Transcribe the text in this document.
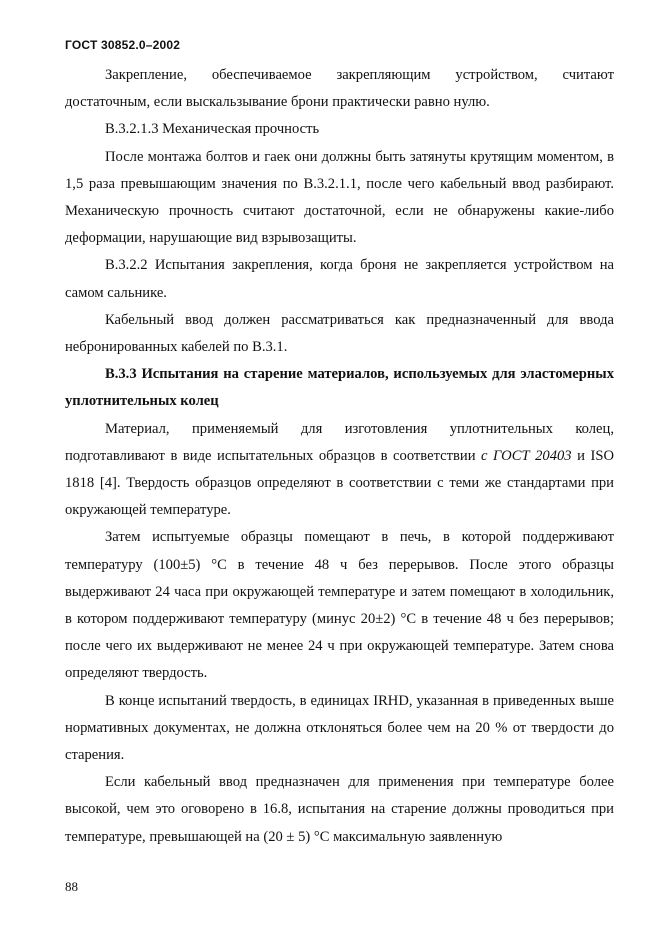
ГОСТ 30852.0–2002

Закрепление, обеспечиваемое закрепляющим устройством, считают достаточным, если выскальзывание брони практически равно нулю.

B.3.2.1.3 Механическая прочность

После монтажа болтов и гаек они должны быть затянуты крутящим моментом, в 1,5 раза превышающим значения по B.3.2.1.1, после чего кабельный ввод разбирают. Механическую прочность считают достаточной, если не обнаружены какие-либо деформации, нарушающие вид взрывозащиты.

B.3.2.2 Испытания закрепления, когда броня не закрепляется устройством на самом сальнике.

Кабельный ввод должен рассматриваться как предназначенный для ввода небронированных кабелей по B.3.1.

B.3.3 Испытания на старение материалов, используемых для эластомерных уплотнительных колец

Материал, применяемый для изготовления уплотнительных колец, подготавливают в виде испытательных образцов в соответствии с ГОСТ 20403 и ISO 1818 [4]. Твердость образцов определяют в соответствии с теми же стандартами при окружающей температуре.

Затем испытуемые образцы помещают в печь, в которой поддерживают температуру (100±5) °С в течение 48 ч без перерывов. После этого образцы выдерживают 24 часа при окружающей температуре и затем помещают в холодильник, в котором поддерживают температуру (минус 20±2) °С в течение 48 ч без перерывов; после чего их выдерживают не менее 24 ч при окружающей температуре. Затем снова определяют твердость.

В конце испытаний твердость, в единицах IRHD, указанная в приведенных выше нормативных документах, не должна отклоняться более чем на 20 % от твердости до старения.

Если кабельный ввод предназначен для применения при температуре более высокой, чем это оговорено в 16.8, испытания на старение должны проводиться при температуре, превышающей на (20 ± 5) °С максимальную заявленную

88
